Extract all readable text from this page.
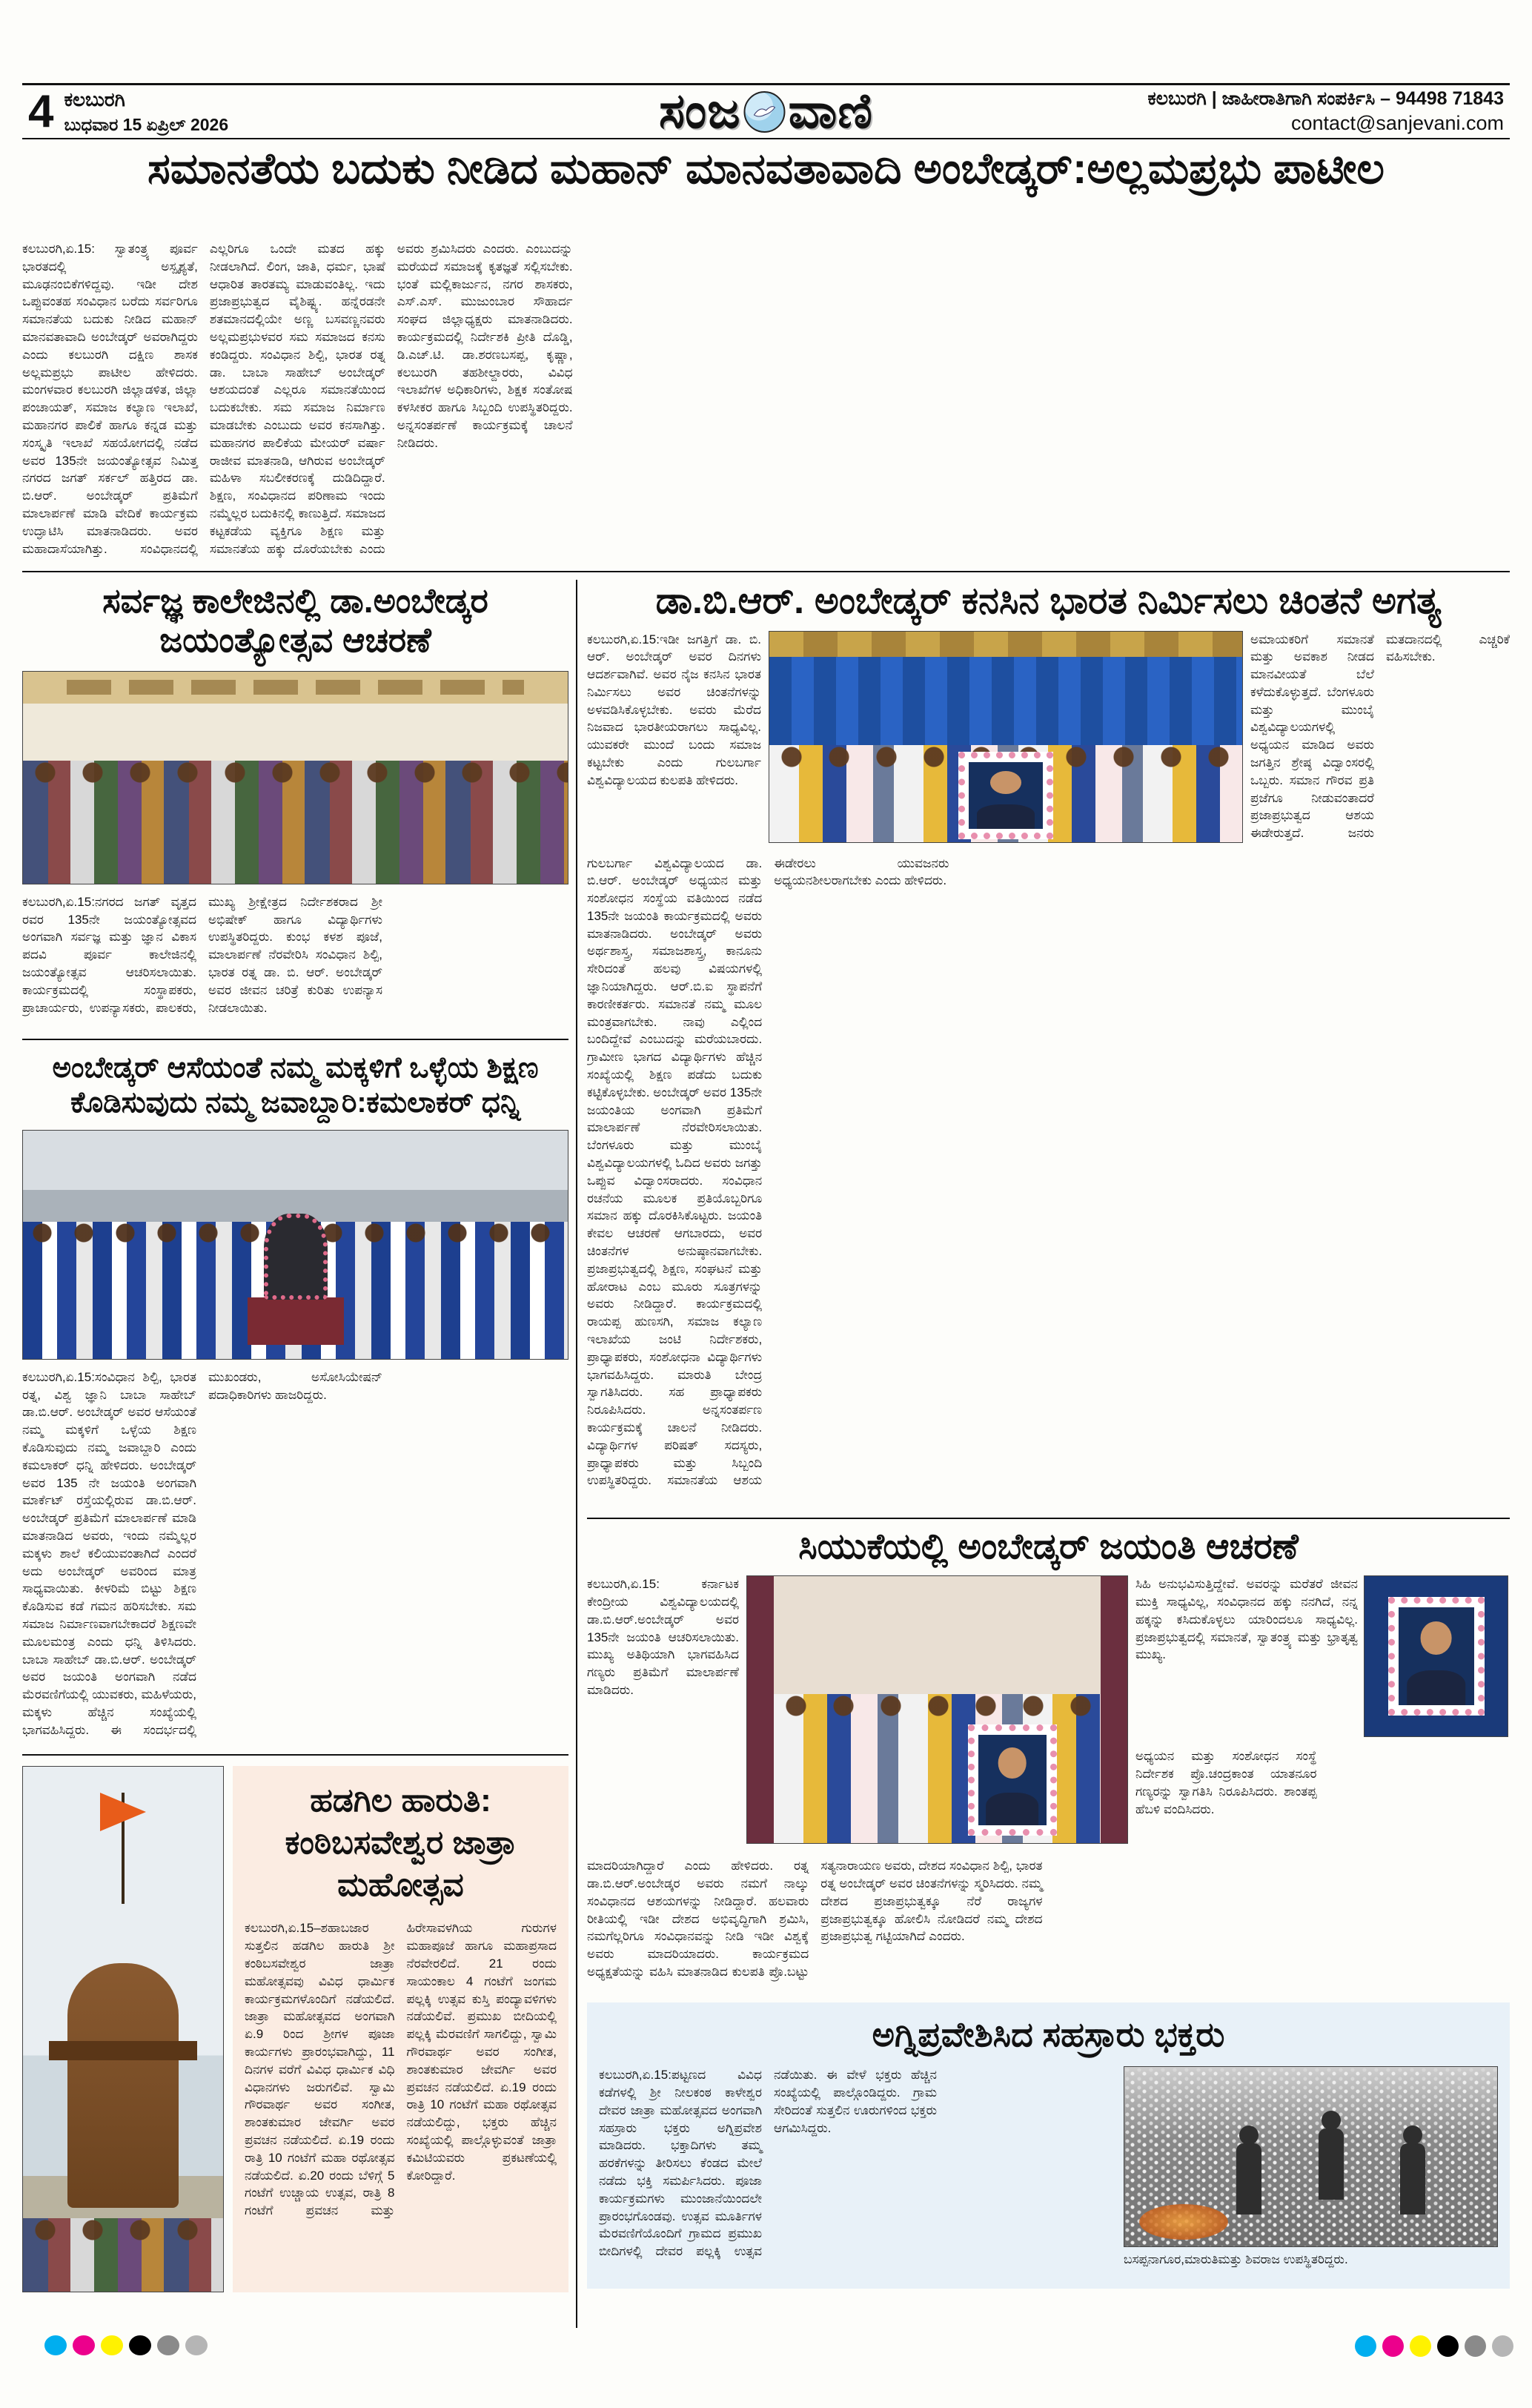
4 ಕಲಬುರಗಿ
ಬುಧವಾರ 15 ಏಪ್ರಿಲ್ 2026	ಸಂಜ ವಾಣಿ	ಕಲಬುರಗಿ | ಜಾಹೀರಾತಿಗಾಗಿ ಸಂಪರ್ಕಿಸಿ – 94498 71843
contact@sanjevani.com
ಸಮಾನತೆಯ ಬದುಕು ನೀಡಿದ ಮಹಾನ್ ಮಾನವತಾವಾದಿ ಅಂಬೇಡ್ಕರ್:ಅಲ್ಲಮಪ್ರಭು ಪಾಟೀಲ
ಕಲಬುರಗಿ,ಏ.15: ಸ್ವಾತಂತ್ರ್ಯ ಪೂರ್ವ ಭಾರತದಲ್ಲಿ ಅಸ್ಪೃಶ್ಯತೆ, ಮೂಢನಂಬಿಕೆಗಳಿದ್ದವು. ಇಡೀ ದೇಶ ಒಪ್ಪುವಂತಹ ಸಂವಿಧಾನ ಬರೆದು ಸರ್ವರಿಗೂ ಸಮಾನತೆಯ ಬದುಕು ನೀಡಿದ ಮಹಾನ್ ಮಾನವತಾವಾದಿ ಅಂಬೇಡ್ಕರ್ ಅವರಾಗಿದ್ದರು ಎಂದು ಕಲಬುರಗಿ ದಕ್ಷಿಣ ಶಾಸಕ ಅಲ್ಲಮಪ್ರಭು ಪಾಟೀಲ ಹೇಳಿದರು. ಮಂಗಳವಾರ ಕಲಬುರಗಿ ಜಿಲ್ಲಾಡಳಿತ, ಜಿಲ್ಲಾ ಪಂಚಾಯತ್, ಸಮಾಜ ಕಲ್ಯಾಣ ಇಲಾಖೆ, ಮಹಾನಗರ ಪಾಲಿಕೆ ಹಾಗೂ ಕನ್ನಡ ಮತ್ತು ಸಂಸ್ಕೃತಿ ಇಲಾಖೆ ಸಹಯೋಗದಲ್ಲಿ ನಡೆದ ಅವರ 135ನೇ ಜಯಂತ್ಯೋತ್ಸವ ನಿಮಿತ್ತ ನಗರದ ಜಗತ್ ಸರ್ಕಲ್ ಹತ್ತಿರದ ಡಾ. ಬಿ.ಆರ್. ಅಂಬೇಡ್ಕರ್ ಪ್ರತಿಮೆಗೆ ಮಾಲಾರ್ಪಣೆ ಮಾಡಿ ವೇದಿಕೆ ಕಾರ್ಯಕ್ರಮ ಉದ್ಘಾಟಿಸಿ ಮಾತನಾಡಿದರು. ಅವರ ಮಹಾದಾಸೆಯಾಗಿತ್ತು. ಸಂವಿಧಾನದಲ್ಲಿ ಎಲ್ಲರಿಗೂ ಒಂದೇ ಮತದ ಹಕ್ಕು ನೀಡಲಾಗಿದೆ. ಲಿಂಗ, ಜಾತಿ, ಧರ್ಮ, ಭಾಷೆ ಆಧಾರಿತ ತಾರತಮ್ಯ ಮಾಡುವಂತಿಲ್ಲ. ಇದು ಪ್ರಜಾಪ್ರಭುತ್ವದ ವೈಶಿಷ್ಟ್ಯ. ಹನ್ನೆರಡನೇ ಶತಮಾನದಲ್ಲಿಯೇ ಅಣ್ಣ ಬಸವಣ್ಣನವರು ಅಲ್ಲಮಪ್ರಭುಳವರ ಸಮ ಸಮಾಜದ ಕನಸು ಕಂಡಿದ್ದರು. ಸಂವಿಧಾನ ಶಿಲ್ಪಿ, ಭಾರತ ರತ್ನ ಡಾ. ಬಾಬಾ ಸಾಹೇಬ್ ಅಂಬೇಡ್ಕರ್ ಆಶಯದಂತೆ ಎಲ್ಲರೂ ಸಮಾನತೆಯಿಂದ ಬದುಕಬೇಕು. ಸಮ ಸಮಾಜ ನಿರ್ಮಾಣ ಮಾಡಬೇಕು ಎಂಬುದು ಅವರ ಕನಸಾಗಿತ್ತು. ಮಹಾನಗರ ಪಾಲಿಕೆಯ ಮೇಯರ್ ವರ್ಷಾ ರಾಜೀವ ಮಾತನಾಡಿ, ಆಗಿರುವ ಅಂಬೇಡ್ಕರ್ ಮಹಿಳಾ ಸಬಲೀಕರಣಕ್ಕೆ ದುಡಿದಿದ್ದಾರೆ. ಶಿಕ್ಷಣ, ಸಂವಿಧಾನದ ಪರಿಣಾಮ ಇಂದು ನಮ್ಮೆಲ್ಲರ ಬದುಕಿನಲ್ಲಿ ಕಾಣುತ್ತಿದೆ. ಸಮಾಜದ ಕಟ್ಟಕಡೆಯ ವ್ಯಕ್ತಿಗೂ ಶಿಕ್ಷಣ ಮತ್ತು ಸಮಾನತೆಯ ಹಕ್ಕು ದೊರೆಯಬೇಕು ಎಂದು ಅವರು ಶ್ರಮಿಸಿದರು ಎಂದರು. ಎಂಬುದನ್ನು ಮರೆಯದೆ ಸಮಾಜಕ್ಕೆ ಕೃತಜ್ಞತೆ ಸಲ್ಲಿಸಬೇಕು. ಭಂತೆ ಮಲ್ಲಿಕಾರ್ಜುನ, ನಗರ ಶಾಸಕರು, ಎಸ್.ಎಸ್. ಮುಜುಂಬಾರ ಸೌಹಾರ್ದ ಸಂಘದ ಜಿಲ್ಲಾಧ್ಯಕ್ಷರು ಮಾತನಾಡಿದರು. ಕಾರ್ಯಕ್ರಮದಲ್ಲಿ ನಿರ್ದೇಶಕಿ ಪ್ರೀತಿ ದೊಡ್ಡಿ, ಡಿ.ಎಚ್.ಟಿ. ಡಾ.ಶರಣಬಸಪ್ಪ, ಕೃಷ್ಣಾ, ಕಲಬುರಗಿ ತಹಶೀಲ್ದಾರರು, ವಿವಿಧ ಇಲಾಖೆಗಳ ಅಧಿಕಾರಿಗಳು, ಶಿಕ್ಷಕ ಸಂತೋಷ ಕಳಸೀಕರ ಹಾಗೂ ಸಿಬ್ಬಂದಿ ಉಪಸ್ಥಿತರಿದ್ದರು. ಅನ್ನಸಂತರ್ಪಣೆ ಕಾರ್ಯಕ್ರಮಕ್ಕೆ ಚಾಲನೆ ನೀಡಿದರು.
ಸರ್ವಜ್ಞ ಕಾಲೇಜಿನಲ್ಲಿ ಡಾ.ಅಂಬೇಡ್ಕರ ಜಯಂತ್ಯೋತ್ಸವ ಆಚರಣೆ
ಕಲಬುರಗಿ,ಏ.15:ನಗರದ ಜಗತ್ ವೃತ್ತದ ರವರ 135ನೇ ಜಯಂತ್ಯೋತ್ಸವದ ಅಂಗವಾಗಿ ಸರ್ವಜ್ಞ ಮತ್ತು ಜ್ಞಾನ ವಿಕಾಸ ಪದವಿ ಪೂರ್ವ ಕಾಲೇಜಿನಲ್ಲಿ ಜಯಂತ್ಯೋತ್ಸವ ಆಚರಿಸಲಾಯಿತು. ಕಾರ್ಯಕ್ರಮದಲ್ಲಿ ಸಂಸ್ಥಾಪಕರು, ಪ್ರಾಚಾರ್ಯರು, ಉಪನ್ಯಾಸಕರು, ಪಾಲಕರು, ಮುಖ್ಯ ಶ್ರೀಕ್ಷೇತ್ರದ ನಿರ್ದೇಶಕರಾದ ಶ್ರೀ ಅಭಿಷೇಕ್ ಹಾಗೂ ವಿದ್ಯಾರ್ಥಿಗಳು ಉಪಸ್ಥಿತರಿದ್ದರು. ಕುಂಭ ಕಳಶ ಪೂಜೆ, ಮಾಲಾರ್ಪಣೆ ನೆರವೇರಿಸಿ ಸಂವಿಧಾನ ಶಿಲ್ಪಿ, ಭಾರತ ರತ್ನ ಡಾ. ಬಿ. ಆರ್. ಅಂಬೇಡ್ಕರ್ ಅವರ ಜೀವನ ಚರಿತ್ರೆ ಕುರಿತು ಉಪನ್ಯಾಸ ನೀಡಲಾಯಿತು.
ಅಂಬೇಡ್ಕರ್ ಆಸೆಯಂತೆ ನಮ್ಮ ಮಕ್ಕಳಿಗೆ ಒಳ್ಳೆಯ ಶಿಕ್ಷಣ ಕೊಡಿಸುವುದು ನಮ್ಮ ಜವಾಬ್ದಾರಿ:ಕಮಲಾಕರ್ ಧನ್ನಿ
ಕಲಬುರಗಿ,ಏ.15:ಸಂವಿಧಾನ ಶಿಲ್ಪಿ, ಭಾರತ ರತ್ನ, ವಿಶ್ವ ಜ್ಞಾನಿ ಬಾಬಾ ಸಾಹೇಬ್ ಡಾ.ಬಿ.ಆರ್. ಅಂಬೇಡ್ಕರ್ ಅವರ ಆಸೆಯಂತೆ ನಮ್ಮ ಮಕ್ಕಳಿಗೆ ಒಳ್ಳೆಯ ಶಿಕ್ಷಣ ಕೊಡಿಸುವುದು ನಮ್ಮ ಜವಾಬ್ದಾರಿ ಎಂದು ಕಮಲಾಕರ್ ಧನ್ನಿ ಹೇಳಿದರು. ಅಂಬೇಡ್ಕರ್ ಅವರ 135 ನೇ ಜಯಂತಿ ಅಂಗವಾಗಿ ಮಾರ್ಕೆಟ್ ರಸ್ತೆಯಲ್ಲಿರುವ ಡಾ.ಬಿ.ಆರ್. ಅಂಬೇಡ್ಕರ್ ಪ್ರತಿಮೆಗೆ ಮಾಲಾರ್ಪಣೆ ಮಾಡಿ ಮಾತನಾಡಿದ ಅವರು, ಇಂದು ನಮ್ಮೆಲ್ಲರ ಮಕ್ಕಳು ಶಾಲೆ ಕಲಿಯುವಂತಾಗಿದೆ ಎಂದರೆ ಅದು ಅಂಬೇಡ್ಕರ್ ಅವರಿಂದ ಮಾತ್ರ ಸಾಧ್ಯವಾಯಿತು. ಕೀಳರಿಮೆ ಬಿಟ್ಟು ಶಿಕ್ಷಣ ಕೊಡಿಸುವ ಕಡೆ ಗಮನ ಹರಿಸಬೇಕು. ಸಮ ಸಮಾಜ ನಿರ್ಮಾಣವಾಗಬೇಕಾದರೆ ಶಿಕ್ಷಣವೇ ಮೂಲಮಂತ್ರ ಎಂದು ಧನ್ನಿ ತಿಳಿಸಿದರು. ಬಾಬಾ ಸಾಹೇಬ್ ಡಾ.ಬಿ.ಆರ್. ಅಂಬೇಡ್ಕರ್ ಅವರ ಜಯಂತಿ ಅಂಗವಾಗಿ ನಡೆದ ಮೆರವಣಿಗೆಯಲ್ಲಿ ಯುವಕರು, ಮಹಿಳೆಯರು, ಮಕ್ಕಳು ಹೆಚ್ಚಿನ ಸಂಖ್ಯೆಯಲ್ಲಿ ಭಾಗವಹಿಸಿದ್ದರು. ಈ ಸಂದರ್ಭದಲ್ಲಿ ಮುಖಂಡರು, ಅಸೋಸಿಯೇಷನ್ ಪದಾಧಿಕಾರಿಗಳು ಹಾಜರಿದ್ದರು.
ಹಡಗಿಲ ಹಾರುತಿ: ಕಂಠಿಬಸವೇಶ್ವರ ಜಾತ್ರಾ ಮಹೋತ್ಸವ
ಕಲಬುರಗಿ,ಏ.15–ಶಹಾಬಜಾರ ಸುತ್ತಲಿನ ಹಡಗಿಲ ಹಾರುತಿ ಶ್ರೀ ಕಂಠಿಬಸವೇಶ್ವರ ಜಾತ್ರಾ ಮಹೋತ್ಸವವು ವಿವಿಧ ಧಾರ್ಮಿಕ ಕಾರ್ಯಕ್ರಮಗಳೊಂದಿಗೆ ನಡೆಯಲಿದೆ. ಜಾತ್ರಾ ಮಹೋತ್ಸವದ ಅಂಗವಾಗಿ ಏ.9 ರಿಂದ ಶ್ರೀಗಳ ಪೂಜಾ ಕಾರ್ಯಗಳು ಪ್ರಾರಂಭವಾಗಿದ್ದು, 11 ದಿನಗಳ ವರೆಗೆ ವಿವಿಧ ಧಾರ್ಮಿಕ ವಿಧಿ ವಿಧಾನಗಳು ಜರುಗಲಿವೆ. ಸ್ವಾಮಿ ಗೌರವಾರ್ಥ ಅವರ ಸಂಗೀತ, ಶಾಂತಕುಮಾರ ಜೇವರ್ಗಿ ಅವರ ಪ್ರವಚನ ನಡೆಯಲಿದೆ. ಏ.19 ರಂದು ರಾತ್ರಿ 10 ಗಂಟೆಗೆ ಮಹಾ ರಥೋತ್ಸವ ನಡೆಯಲಿದೆ. ಏ.20 ರಂದು ಬೆಳಿಗ್ಗೆ 5 ಗಂಟೆಗೆ ಉಚ್ಚಾಯ ಉತ್ಸವ, ರಾತ್ರಿ 8 ಗಂಟೆಗೆ ಪ್ರವಚನ ಮತ್ತು ಹಿರೇಸಾವಳಗಿಯ ಗುರುಗಳ ಮಹಾಪೂಜೆ ಹಾಗೂ ಮಹಾಪ್ರಸಾದ ನೆರವೇರಲಿದೆ. 21 ರಂದು ಸಾಯಂಕಾಲ 4 ಗಂಟೆಗೆ ಜಂಗಮ ಪಲ್ಲಕ್ಕಿ ಉತ್ಸವ ಕುಸ್ತಿ ಪಂದ್ಯಾವಳಿಗಳು ನಡೆಯಲಿವೆ. ಪ್ರಮುಖ ಬೀದಿಯಲ್ಲಿ ಪಲ್ಲಕ್ಕಿ ಮೆರವಣಿಗೆ ಸಾಗಲಿದ್ದು, ಸ್ವಾಮಿ ಗೌರವಾರ್ಥ ಅವರ ಸಂಗೀತ, ಶಾಂತಕುಮಾರ ಜೇವರ್ಗಿ ಅವರ ಪ್ರವಚನ ನಡೆಯಲಿದೆ. ಏ.19 ರಂದು ರಾತ್ರಿ 10 ಗಂಟೆಗೆ ಮಹಾ ರಥೋತ್ಸವ ನಡೆಯಲಿದ್ದು, ಭಕ್ತರು ಹೆಚ್ಚಿನ ಸಂಖ್ಯೆಯಲ್ಲಿ ಪಾಲ್ಗೊಳ್ಳುವಂತೆ ಜಾತ್ರಾ ಕಮಿಟಿಯವರು ಪ್ರಕಟಣೆಯಲ್ಲಿ ಕೋರಿದ್ದಾರೆ.
ಡಾ.ಬಿ.ಆರ್. ಅಂಬೇಡ್ಕರ್ ಕನಸಿನ ಭಾರತ ನಿರ್ಮಿಸಲು ಚಿಂತನೆ ಅಗತ್ಯ
ಕಲಬುರಗಿ,ಏ.15:ಇಡೀ ಜಗತ್ತಿಗೆ ಡಾ. ಬಿ. ಆರ್. ಅಂಬೇಡ್ಕರ್ ಅವರ ದಿನಗಳು ಆದರ್ಶವಾಗಿವೆ. ಅವರ ನೈಜ ಕನಸಿನ ಭಾರತ ನಿರ್ಮಿಸಲು ಅವರ ಚಿಂತನೆಗಳನ್ನು ಅಳವಡಿಸಿಕೊಳ್ಳಬೇಕು. ಅವರು ಮೆರೆದ ನಿಜವಾದ ಭಾರತೀಯರಾಗಲು ಸಾಧ್ಯವಿಲ್ಲ. ಯುವಕರೇ ಮುಂದೆ ಬಂದು ಸಮಾಜ ಕಟ್ಟಬೇಕು ಎಂದು ಗುಲಬರ್ಗಾ ವಿಶ್ವವಿದ್ಯಾಲಯದ ಕುಲಪತಿ ಹೇಳಿದರು.
ಅಮಾಯಕರಿಗೆ ಸಮಾನತೆ ಮತ್ತು ಅವಕಾಶ ನೀಡದ ಮಾನವೀಯತೆ ಬೆಲೆ ಕಳೆದುಕೊಳ್ಳುತ್ತದೆ. ಬೆಂಗಳೂರು ಮತ್ತು ಮುಂಬೈ ವಿಶ್ವವಿದ್ಯಾಲಯಗಳಲ್ಲಿ ಅಧ್ಯಯನ ಮಾಡಿದ ಅವರು ಜಗತ್ತಿನ ಶ್ರೇಷ್ಠ ವಿದ್ವಾಂಸರಲ್ಲಿ ಒಬ್ಬರು. ಸಮಾನ ಗೌರವ ಪ್ರತಿ ಪ್ರಜೆಗೂ ನೀಡುವಂತಾದರೆ ಪ್ರಜಾಪ್ರಭುತ್ವದ ಆಶಯ ಈಡೇರುತ್ತದೆ. ಜನರು ಮತದಾನದಲ್ಲಿ ಎಚ್ಚರಿಕೆ ವಹಿಸಬೇಕು.
ಗುಲಬರ್ಗಾ ವಿಶ್ವವಿದ್ಯಾಲಯದ ಡಾ. ಬಿ.ಆರ್. ಅಂಬೇಡ್ಕರ್ ಅಧ್ಯಯನ ಮತ್ತು ಸಂಶೋಧನ ಸಂಸ್ಥೆಯ ವತಿಯಿಂದ ನಡೆದ 135ನೇ ಜಯಂತಿ ಕಾರ್ಯಕ್ರಮದಲ್ಲಿ ಅವರು ಮಾತನಾಡಿದರು. ಅಂಬೇಡ್ಕರ್ ಅವರು ಅರ್ಥಶಾಸ್ತ್ರ, ಸಮಾಜಶಾಸ್ತ್ರ, ಕಾನೂನು ಸೇರಿದಂತೆ ಹಲವು ವಿಷಯಗಳಲ್ಲಿ ಜ್ಞಾನಿಯಾಗಿದ್ದರು. ಆರ್.ಬಿ.ಐ ಸ್ಥಾಪನೆಗೆ ಕಾರಣೀಕರ್ತರು. ಸಮಾನತೆ ನಮ್ಮ ಮೂಲ ಮಂತ್ರವಾಗಬೇಕು. ನಾವು ಎಲ್ಲಿಂದ ಬಂದಿದ್ದೇವೆ ಎಂಬುದನ್ನು ಮರೆಯಬಾರದು. ಗ್ರಾಮೀಣ ಭಾಗದ ವಿದ್ಯಾರ್ಥಿಗಳು ಹೆಚ್ಚಿನ ಸಂಖ್ಯೆಯಲ್ಲಿ ಶಿಕ್ಷಣ ಪಡೆದು ಬದುಕು ಕಟ್ಟಿಕೊಳ್ಳಬೇಕು. ಅಂಬೇಡ್ಕರ್ ಅವರ 135ನೇ ಜಯಂತಿಯ ಅಂಗವಾಗಿ ಪ್ರತಿಮೆಗೆ ಮಾಲಾರ್ಪಣೆ ನೆರವೇರಿಸಲಾಯಿತು. ಬೆಂಗಳೂರು ಮತ್ತು ಮುಂಬೈ ವಿಶ್ವವಿದ್ಯಾಲಯಗಳಲ್ಲಿ ಓದಿದ ಅವರು ಜಗತ್ತು ಒಪ್ಪುವ ವಿದ್ವಾಂಸರಾದರು. ಸಂವಿಧಾನ ರಚನೆಯ ಮೂಲಕ ಪ್ರತಿಯೊಬ್ಬರಿಗೂ ಸಮಾನ ಹಕ್ಕು ದೊರಕಿಸಿಕೊಟ್ಟರು. ಜಯಂತಿ ಕೇವಲ ಆಚರಣೆ ಆಗಬಾರದು, ಅವರ ಚಿಂತನೆಗಳ ಅನುಷ್ಠಾನವಾಗಬೇಕು. ಪ್ರಜಾಪ್ರಭುತ್ವದಲ್ಲಿ ಶಿಕ್ಷಣ, ಸಂಘಟನೆ ಮತ್ತು ಹೋರಾಟ ಎಂಬ ಮೂರು ಸೂತ್ರಗಳನ್ನು ಅವರು ನೀಡಿದ್ದಾರೆ. ಕಾರ್ಯಕ್ರಮದಲ್ಲಿ ರಾಯಪ್ಪ ಹುಣಸಗಿ, ಸಮಾಜ ಕಲ್ಯಾಣ ಇಲಾಖೆಯ ಜಂಟಿ ನಿರ್ದೇಶಕರು, ಪ್ರಾಧ್ಯಾಪಕರು, ಸಂಶೋಧನಾ ವಿದ್ಯಾರ್ಥಿಗಳು ಭಾಗವಹಿಸಿದ್ದರು. ಮಾರುತಿ ಬೇಂದ್ರ ಸ್ವಾಗತಿಸಿದರು. ಸಹ ಪ್ರಾಧ್ಯಾಪಕರು ನಿರೂಪಿಸಿದರು. ಅನ್ನಸಂತರ್ಪಣ ಕಾರ್ಯಕ್ರಮಕ್ಕೆ ಚಾಲನೆ ನೀಡಿದರು. ವಿದ್ಯಾರ್ಥಿಗಳ ಪರಿಷತ್ ಸದಸ್ಯರು, ಪ್ರಾಧ್ಯಾಪಕರು ಮತ್ತು ಸಿಬ್ಬಂದಿ ಉಪಸ್ಥಿತರಿದ್ದರು. ಸಮಾನತೆಯ ಆಶಯ ಈಡೇರಲು ಯುವಜನರು ಅಧ್ಯಯನಶೀಲರಾಗಬೇಕು ಎಂದು ಹೇಳಿದರು.
ಸಿಯುಕೆಯಲ್ಲಿ ಅಂಬೇಡ್ಕರ್ ಜಯಂತಿ ಆಚರಣೆ
ಕಲಬುರಗಿ,ಏ.15: ಕರ್ನಾಟಕ ಕೇಂದ್ರೀಯ ವಿಶ್ವವಿದ್ಯಾಲಯದಲ್ಲಿ ಡಾ.ಬಿ.ಆರ್.ಅಂಬೇಡ್ಕರ್ ಅವರ 135ನೇ ಜಯಂತಿ ಆಚರಿಸಲಾಯಿತು. ಮುಖ್ಯ ಅತಿಥಿಯಾಗಿ ಭಾಗವಹಿಸಿದ ಗಣ್ಯರು ಪ್ರತಿಮೆಗೆ ಮಾಲಾರ್ಪಣೆ ಮಾಡಿದರು.
ಸಿಹಿ ಅನುಭವಿಸುತ್ತಿದ್ದೇವೆ. ಅವರನ್ನು ಮರೆತರೆ ಜೀವನ ಮುಕ್ತಿ ಸಾಧ್ಯವಿಲ್ಲ, ಸಂವಿಧಾನದ ಹಕ್ಕು ನನಗಿದೆ, ನನ್ನ ಹಕ್ಕನ್ನು ಕಸಿದುಕೊಳ್ಳಲು ಯಾರಿಂದಲೂ ಸಾಧ್ಯವಿಲ್ಲ. ಪ್ರಜಾಪ್ರಭುತ್ವದಲ್ಲಿ ಸಮಾನತೆ, ಸ್ವಾತಂತ್ರ್ಯ ಮತ್ತು ಭ್ರಾತೃತ್ವ ಮುಖ್ಯ.
ಅಧ್ಯಯನ ಮತ್ತು ಸಂಶೋಧನ ಸಂಸ್ಥೆ ನಿರ್ದೇಶಕ ಪ್ರೊ.ಚಂದ್ರಕಾಂತ ಯಾತನೂರ ಗಣ್ಯರನ್ನು ಸ್ವಾಗತಿಸಿ ನಿರೂಪಿಸಿದರು. ಶಾಂತಪ್ಪ ಹೆಬಳಿ ವಂದಿಸಿದರು.
ಮಾದರಿಯಾಗಿದ್ದಾರೆ ಎಂದು ಹೇಳಿದರು. ರತ್ನ ಡಾ.ಬಿ.ಆರ್.ಅಂಬೇಡ್ಕರ ಅವರು ನಮಗೆ ನಾಲ್ಕು ಸಂವಿಧಾನದ ಆಶಯಗಳನ್ನು ನೀಡಿದ್ದಾರೆ. ಹಲವಾರು ರೀತಿಯಲ್ಲಿ ಇಡೀ ದೇಶದ ಅಭಿವೃದ್ಧಿಗಾಗಿ ಶ್ರಮಿಸಿ, ನಮಗೆಲ್ಲರಿಗೂ ಸಂವಿಧಾನವನ್ನು ನೀಡಿ ಇಡೀ ವಿಶ್ವಕ್ಕೆ ಅವರು ಮಾದರಿಯಾದರು. ಕಾರ್ಯಕ್ರಮದ ಅಧ್ಯಕ್ಷತೆಯನ್ನು ವಹಿಸಿ ಮಾತನಾಡಿದ ಕುಲಪತಿ ಪ್ರೊ.ಬಟ್ಟು ಸತ್ಯನಾರಾಯಣ ಅವರು, ದೇಶದ ಸಂವಿಧಾನ ಶಿಲ್ಪಿ, ಭಾರತ ರತ್ನ ಅಂಬೇಡ್ಕರ್ ಅವರ ಚಿಂತನೆಗಳನ್ನು ಸ್ಮರಿಸಿದರು. ನಮ್ಮ ದೇಶದ ಪ್ರಜಾಪ್ರಭುತ್ವಕ್ಕೂ ನೆರೆ ರಾಜ್ಯಗಳ ಪ್ರಜಾಪ್ರಭುತ್ವಕ್ಕೂ ಹೋಲಿಸಿ ನೋಡಿದರೆ ನಮ್ಮ ದೇಶದ ಪ್ರಜಾಪ್ರಭುತ್ವ ಗಟ್ಟಿಯಾಗಿದೆ ಎಂದರು.
ಅಗ್ನಿಪ್ರವೇಶಿಸಿದ ಸಹಸ್ರಾರು ಭಕ್ತರು
ಕಲಬುರಗಿ,ಏ.15:ಪಟ್ಟಣದ ವಿವಿಧ ಕಡೆಗಳಲ್ಲಿ ಶ್ರೀ ನೀಲಕಂಠ ಕಾಳೇಶ್ವರ ದೇವರ ಜಾತ್ರಾ ಮಹೋತ್ಸವದ ಅಂಗವಾಗಿ ಸಹಸ್ರಾರು ಭಕ್ತರು ಅಗ್ನಿಪ್ರವೇಶ ಮಾಡಿದರು. ಭಕ್ತಾದಿಗಳು ತಮ್ಮ ಹರಕೆಗಳನ್ನು ತೀರಿಸಲು ಕೆಂಡದ ಮೇಲೆ ನಡೆದು ಭಕ್ತಿ ಸಮರ್ಪಿಸಿದರು. ಪೂಜಾ ಕಾರ್ಯಕ್ರಮಗಳು ಮುಂಜಾನೆಯಿಂದಲೇ ಪ್ರಾರಂಭಗೊಂಡವು. ಉತ್ಸವ ಮೂರ್ತಿಗಳ ಮೆರವಣಿಗೆಯೊಂದಿಗೆ ಗ್ರಾಮದ ಪ್ರಮುಖ ಬೀದಿಗಳಲ್ಲಿ ದೇವರ ಪಲ್ಲಕ್ಕಿ ಉತ್ಸವ ನಡೆಯಿತು. ಈ ವೇಳೆ ಭಕ್ತರು ಹೆಚ್ಚಿನ ಸಂಖ್ಯೆಯಲ್ಲಿ ಪಾಲ್ಗೊಂಡಿದ್ದರು. ಗ್ರಾಮ ಸೇರಿದಂತೆ ಸುತ್ತಲಿನ ಊರುಗಳಿಂದ ಭಕ್ತರು ಆಗಮಿಸಿದ್ದರು.
ಬಸಪ್ಪನಾಗೂರ,ಮಾರುತಿಮತ್ತು ಶಿವರಾಜ ಉಪಸ್ಥಿತರಿದ್ದರು.
